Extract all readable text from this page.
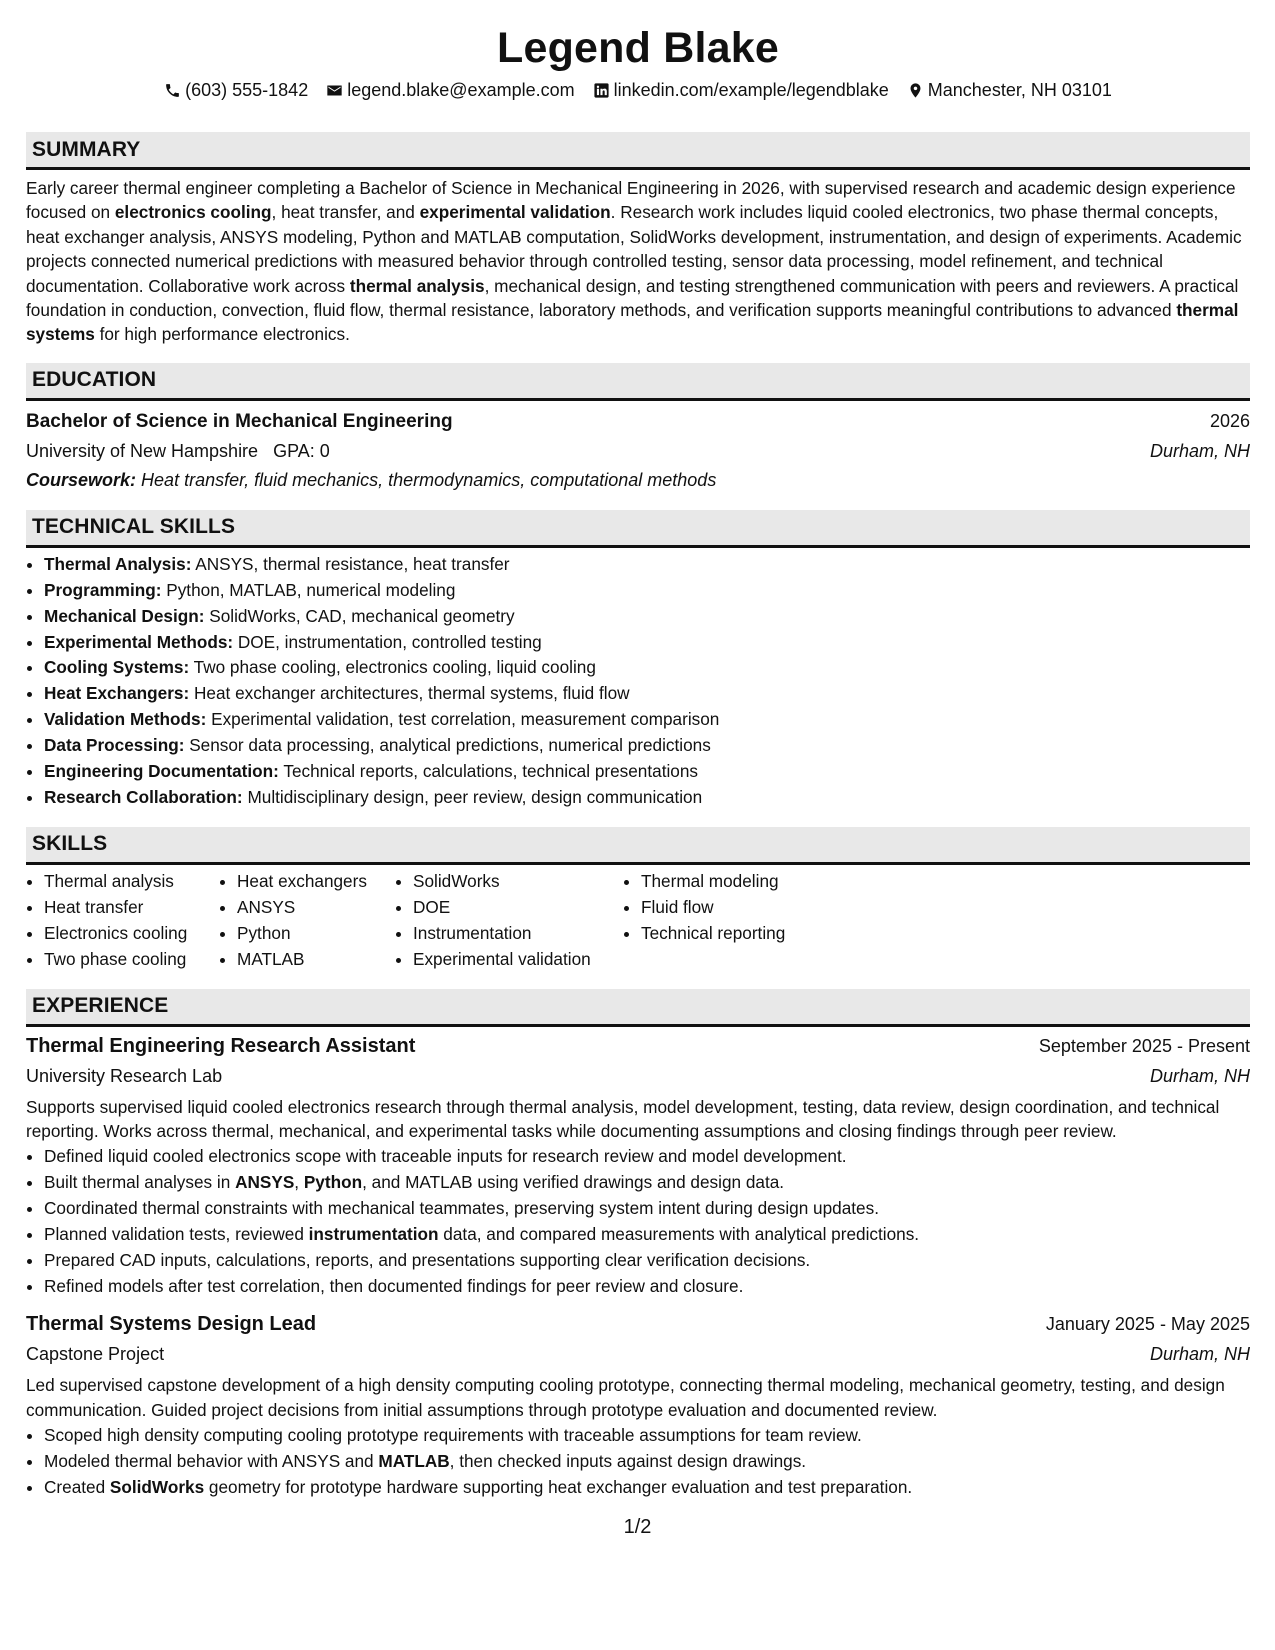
Legend Blake
(603) 555-1842 legend.blake@example.com linkedin.com/example/legendblake Manchester, NH 03101
SUMMARY

Early career thermal engineer completing a Bachelor of Science in Mechanical Engineering in 2026, with supervised research and academic design experience focused on electronics cooling, heat transfer, and experimental validation. Research work includes liquid cooled electronics, two phase thermal concepts, heat exchanger analysis, ANSYS modeling, Python and MATLAB computation, SolidWorks development, instrumentation, and design of experiments. Academic projects connected numerical predictions with measured behavior through controlled testing, sensor data processing, model refinement, and technical documentation. Collaborative work across thermal analysis, mechanical design, and testing strengthened communication with peers and reviewers. A practical foundation in conduction, convection, fluid flow, thermal resistance, laboratory methods, and verification supports meaningful contributions to advanced thermal systems for high performance electronics.

EDUCATION
Bachelor of Science in Mechanical Engineering	2026
University of New Hampshire GPA: 0	Durham, NH
Coursework: Heat transfer, fluid mechanics, thermodynamics, computational methods
TECHNICAL SKILLS
• Thermal Analysis: ANSYS, thermal resistance, heat transfer
• Programming: Python, MATLAB, numerical modeling
• Mechanical Design: SolidWorks, CAD, mechanical geometry
• Experimental Methods: DOE, instrumentation, controlled testing
• Cooling Systems: Two phase cooling, electronics cooling, liquid cooling
• Heat Exchangers: Heat exchanger architectures, thermal systems, fluid flow
• Validation Methods: Experimental validation, test correlation, measurement comparison
• Data Processing: Sensor data processing, analytical predictions, numerical predictions
• Engineering Documentation: Technical reports, calculations, technical presentations
• Research Collaboration: Multidisciplinary design, peer review, design communication
SKILLS
• Thermal analysis
• Heat transfer
• Electronics cooling
• Two phase cooling
• Heat exchangers
• ANSYS
• Python
• MATLAB
• SolidWorks
• DOE
• Instrumentation
• Experimental validation
• Thermal modeling
• Fluid flow
• Technical reporting
EXPERIENCE
Thermal Engineering Research Assistant	September 2025 - Present
University Research Lab	Durham, NH

Supports supervised liquid cooled electronics research through thermal analysis, model development, testing, data review, design coordination, and technical reporting. Works across thermal, mechanical, and experimental tasks while documenting assumptions and closing findings through peer review.

• Defined liquid cooled electronics scope with traceable inputs for research review and model development.
• Built thermal analyses in ANSYS, Python, and MATLAB using verified drawings and design data.
• Coordinated thermal constraints with mechanical teammates, preserving system intent during design updates.
• Planned validation tests, reviewed instrumentation data, and compared measurements with analytical predictions.
• Prepared CAD inputs, calculations, reports, and presentations supporting clear verification decisions.
• Refined models after test correlation, then documented findings for peer review and closure.
Thermal Systems Design Lead	January 2025 - May 2025
Capstone Project	Durham, NH

Led supervised capstone development of a high density computing cooling prototype, connecting thermal modeling, mechanical geometry, testing, and design communication. Guided project decisions from initial assumptions through prototype evaluation and documented review.

• Scoped high density computing cooling prototype requirements with traceable assumptions for team review.
• Modeled thermal behavior with ANSYS and MATLAB, then checked inputs against design drawings.
• Created SolidWorks geometry for prototype hardware supporting heat exchanger evaluation and test preparation.
1/2
